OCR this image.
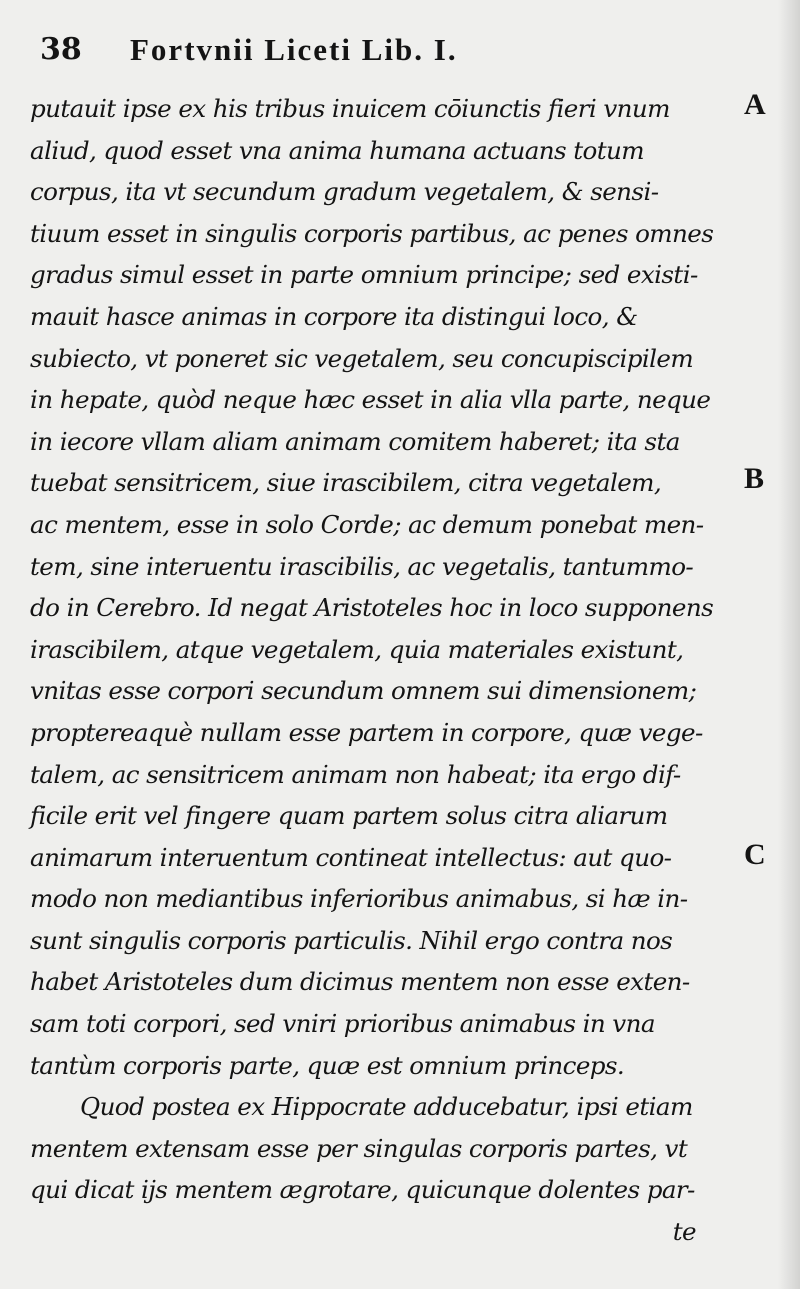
38 Fortvnii Liceti Lib. I.
putauit ipse ex his tribus inuicem cōiunctis fieri vnum
aliud, quod esset vna anima humana actuans totum
corpus, ita vt secundum gradum vegetalem, & sensi-
tiuum esset in singulis corporis partibus, ac penes omnes
gradus simul esset in parte omnium principe; sed existi-
mauit hasce animas in corpore ita distingui loco, &
subiecto, vt poneret sic vegetalem, seu concupiscipilem
in hepate, quòd neque hæc esset in alia vlla parte, neque
in iecore vllam aliam animam comitem haberet; ita sta
tuebat sensitricem, siue irascibilem, citra vegetalem,
ac mentem, esse in solo Corde; ac demum ponebat men-
tem, sine interuentu irascibilis, ac vegetalis, tantummo-
do in Cerebro. Id negat Aristoteles hoc in loco supponens
irascibilem, atque vegetalem, quia materiales existunt,
vnitas esse corpori secundum omnem sui dimensionem;
proptereaquè nullam esse partem in corpore, quæ vege-
talem, ac sensitricem animam non habeat; ita ergo dif-
ficile erit vel fingere quam partem solus citra aliarum
animarum interuentum contineat intellectus: aut quo-
modo non mediantibus inferioribus animabus, si hæ in-
sunt singulis corporis particulis. Nihil ergo contra nos
habet Aristoteles dum dicimus mentem non esse exten-
sam toti corpori, sed vniri prioribus animabus in vna
tantùm corporis parte, quæ est omnium princeps.
Quod postea ex Hippocrate adducebatur, ipsi etiam
mentem extensam esse per singulas corporis partes, vt
qui dicat ijs mentem ægrotare, quicunque dolentes par-
te
A
B
C
